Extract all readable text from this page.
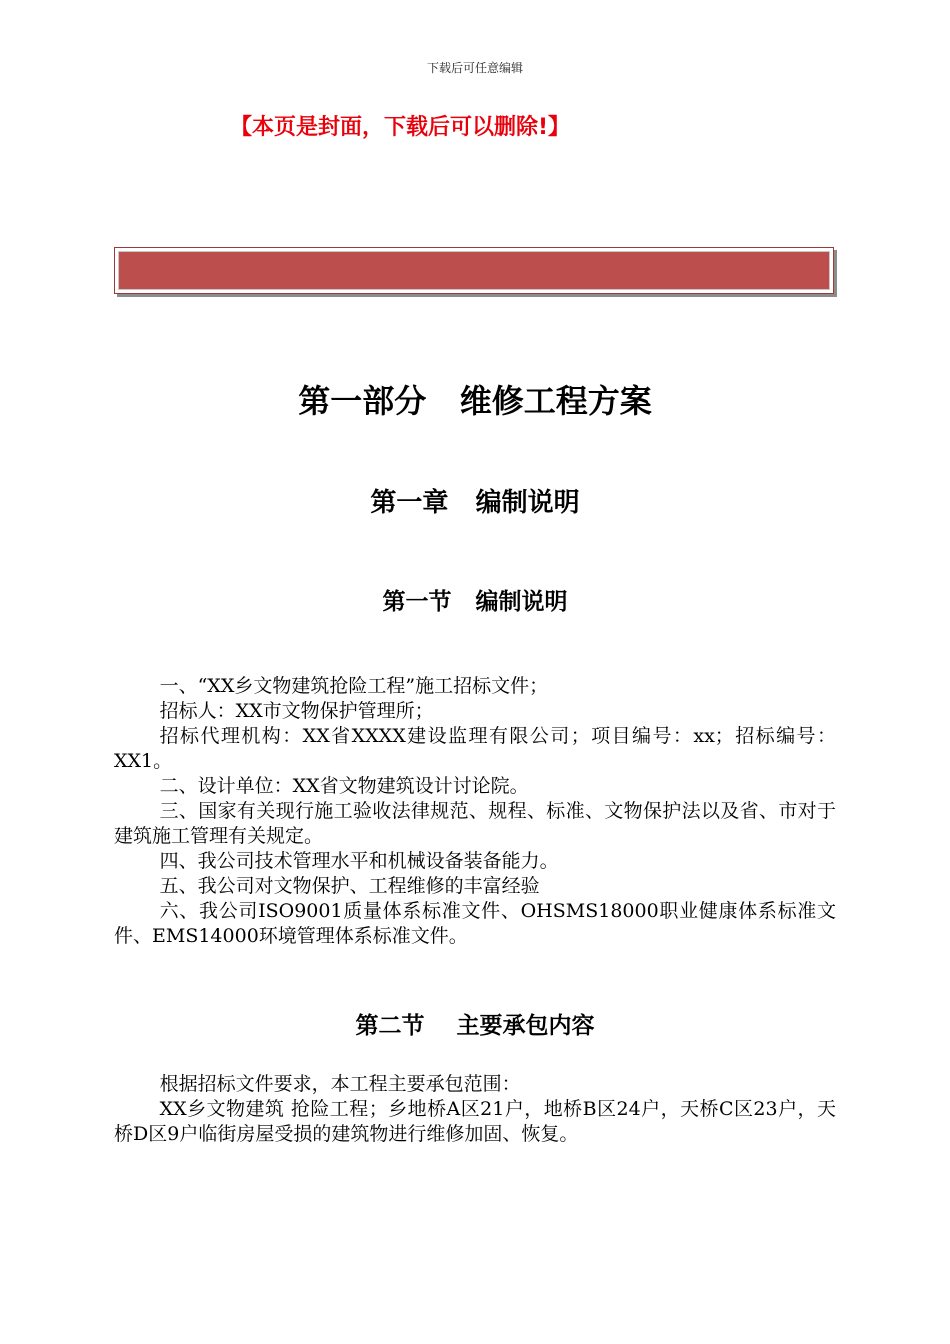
下载后可任意编辑
【本页是封面，下载后可以删除!】
第一部分   维修工程方案
第一章   编制说明
第一节   编制说明

一、“XX乡文物建筑抢险工程”施工招标文件；

招标人：XX市文物保护管理所；

招标代理机构：XX省XXXX建设监理有限公司；项目编号：xx；招标编号：XX1。

二、设计单位：XX省文物建筑设计讨论院。

三、国家有关现行施工验收法律规范、规程、标准、文物保护法以及省、市对于建筑施工管理有关规定。

四、我公司技术管理水平和机械设备装备能力。

五、我公司对文物保护、工程维修的丰富经验

六、我公司ISO9001质量体系标准文件、OHSMS18000职业健康体系标准文件、EMS14000环境管理体系标准文件。

第二节    主要承包内容

根据招标文件要求，本工程主要承包范围：

XX乡文物建筑 抢险工程；乡地桥A区21户，地桥B区24户，天桥C区23户，天桥D区9户临街房屋受损的建筑物进行维修加固、恢复。
